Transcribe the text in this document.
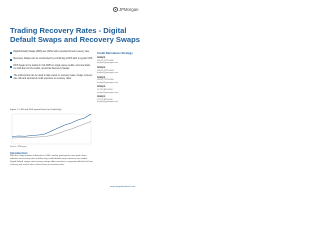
JPMorgan
Trading Recovery Rates - Digital Default Swaps and Recovery Swaps
Digital Default Swaps (DDS) are CDSs with a predetermined recovery rate.
Recovery Swaps can be constructed by combining a DDS with a regular CDS.
DDS began to be traded in mid 2005 on single name credits, and now trade on both Euro & US credits, as well as Recovery Swaps.
The instruments can be used to take views on recovery rates, hedge recovery rate risk and structured credit exposure to recovery rates.
Figure 1: CDS and DDS spread levels for Delphi (bp)
Source: JPMorgan
Introduction
With the rising number of defaults in 2005, market participants have paid closer attention to recovery rates and the way credit default swap contracts are settled. Digital default swaps and recovery swaps allow investors to separate default risk from recovery risk and to take a direct view on recovery rates.
Credit Derivatives Strategy
Analyst
(44-20) 7325-0000
analyst@jpmorgan.com
Analyst
(44-20) 7325-0000
analyst@jpmorgan.com
Analyst
(44-20) 7325-0000
analyst@jpmorgan.com
Analyst
(1-212) 834-0000
analyst@jpmorgan.com
Analyst
(1-212) 834-0000
analyst@jpmorgan.com
www.morganmarkets.com
